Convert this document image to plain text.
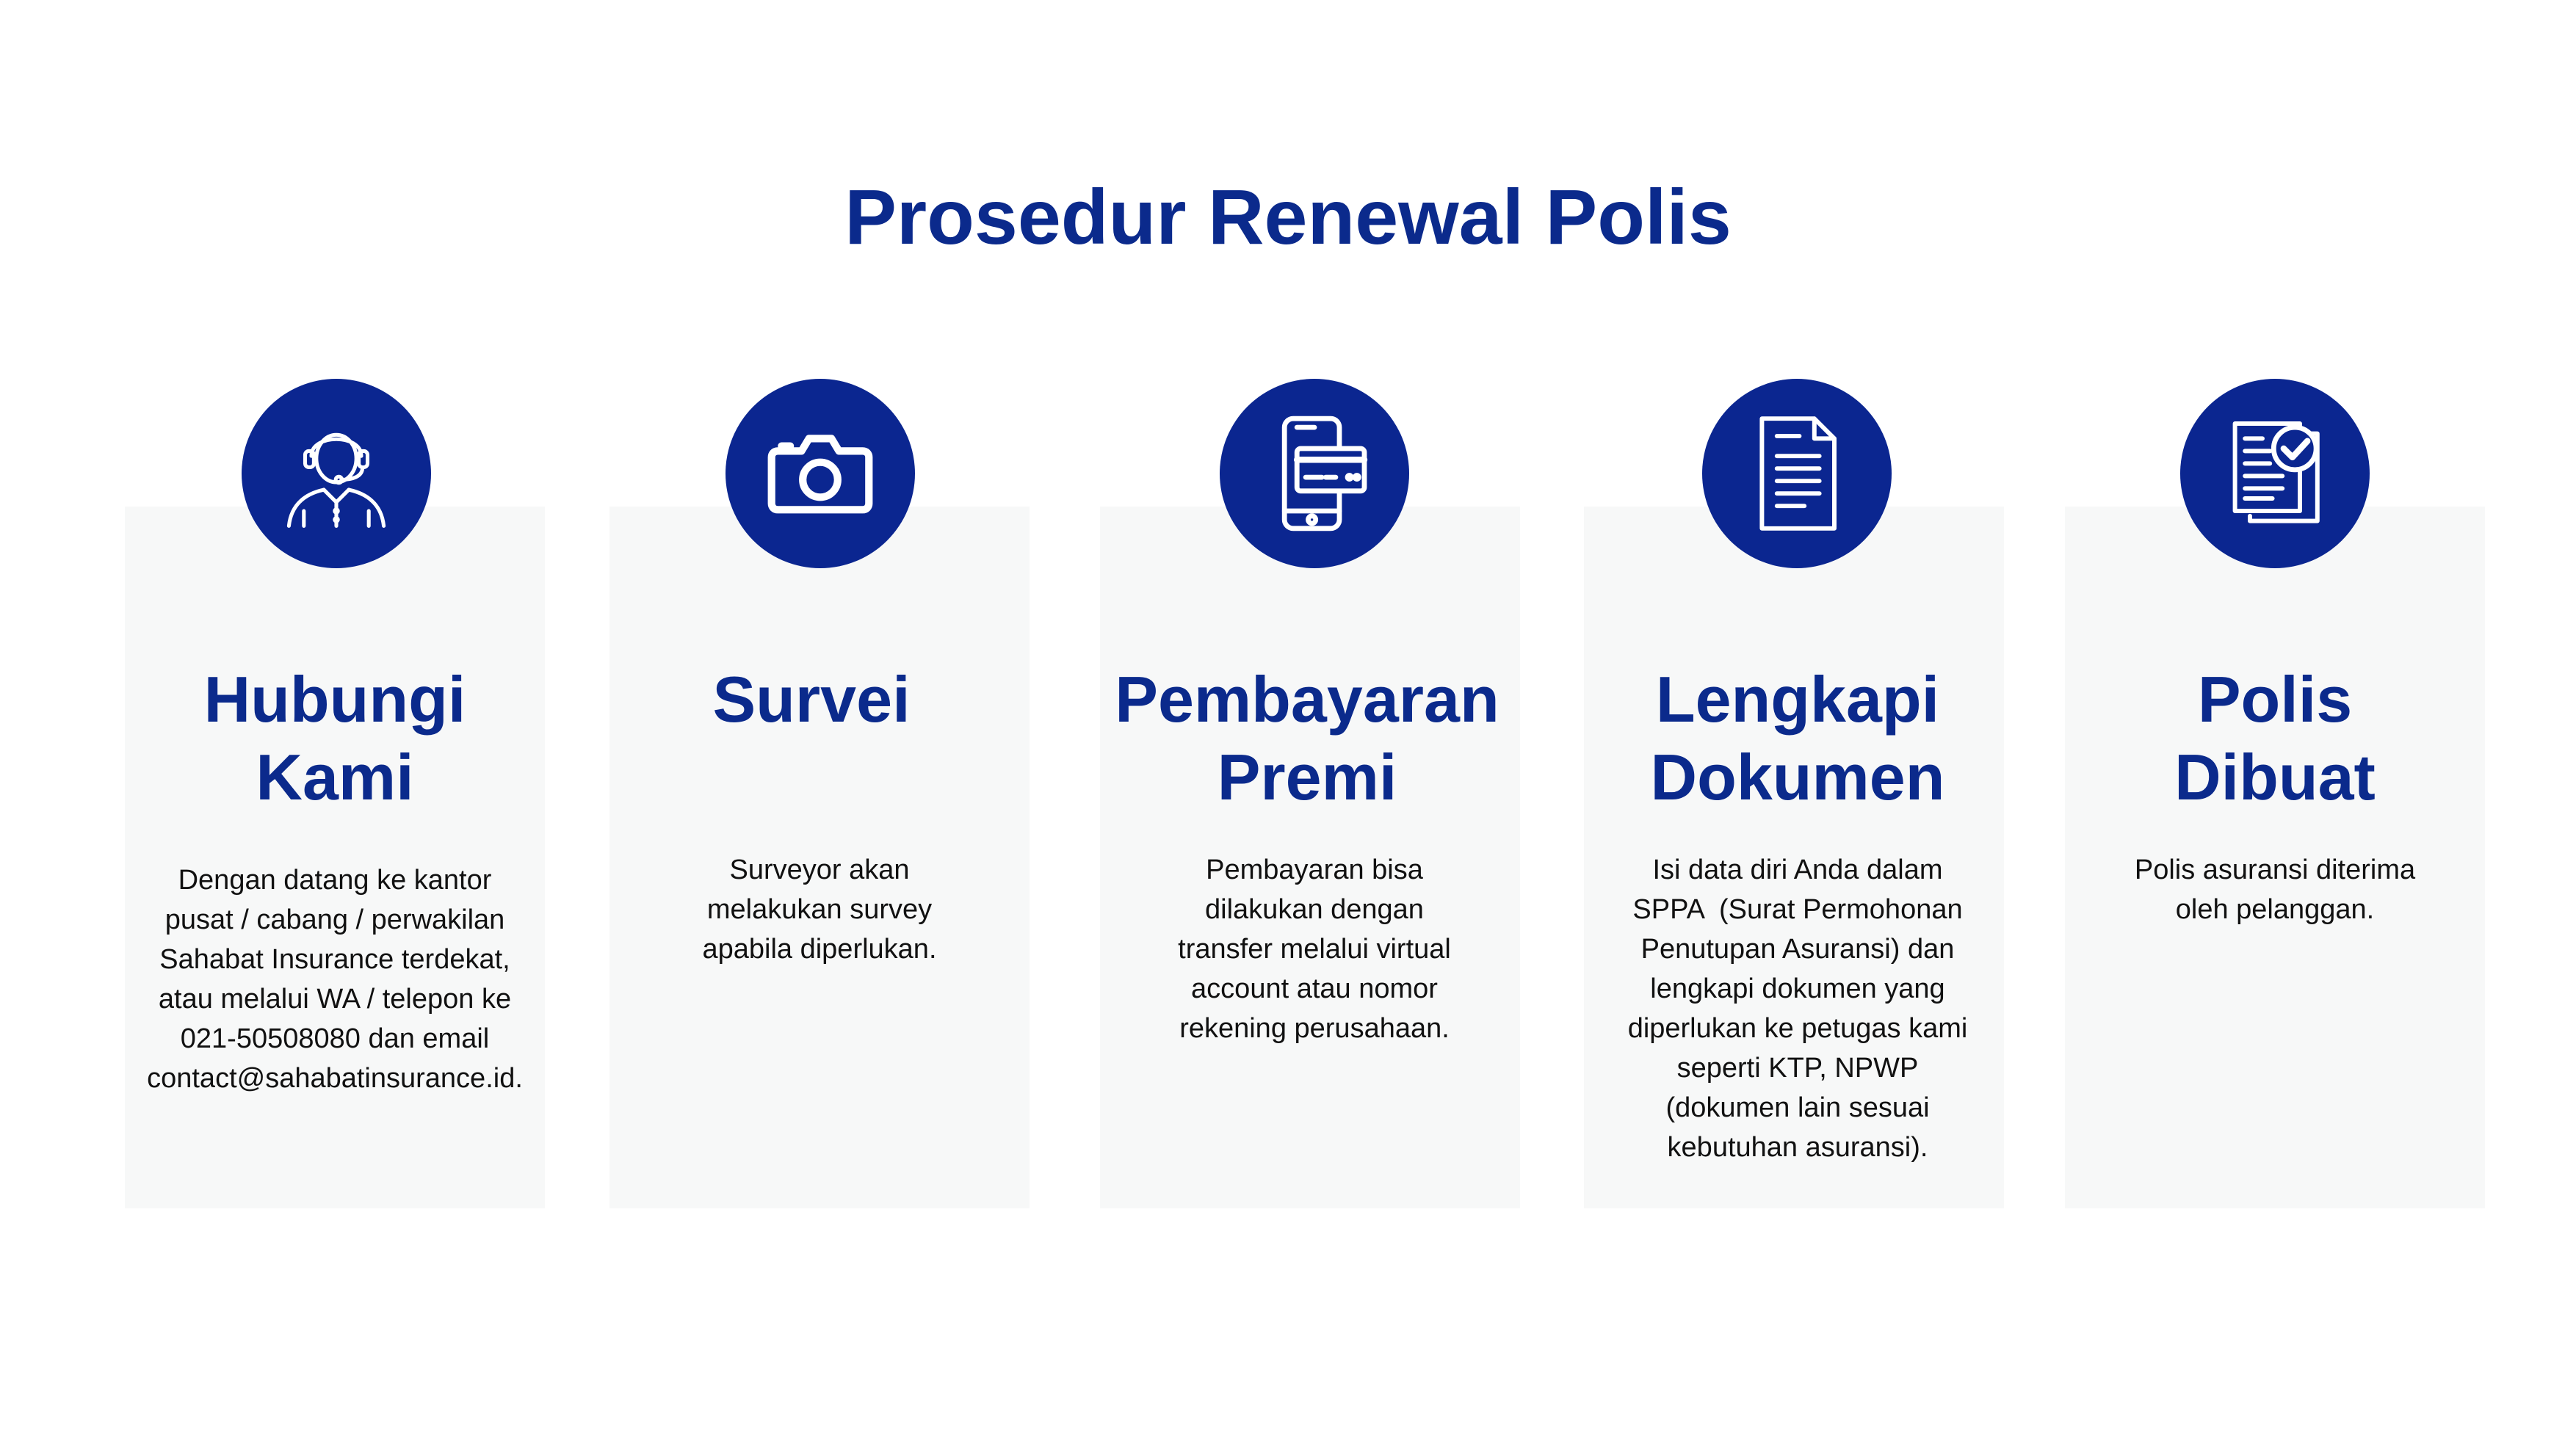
Prosedur Renewal Polis
Hubungi
Kami
Dengan datang ke kantor
pusat / cabang / perwakilan
Sahabat Insurance terdekat,
atau melalui WA / telepon ke
021-50508080 dan email
contact@sahabatinsurance.id.
Survei
Surveyor akan
melakukan survey
apabila diperlukan.
Pembayaran
Premi
Pembayaran bisa
dilakukan dengan
transfer melalui virtual
account atau nomor
rekening perusahaan.
Lengkapi
Dokumen
Isi data diri Anda dalam
SPPA  (Surat Permohonan
Penutupan Asuransi) dan
lengkapi dokumen yang
diperlukan ke petugas kami
seperti KTP, NPWP
(dokumen lain sesuai
kebutuhan asuransi).
Polis
Dibuat
Polis asuransi diterima
oleh pelanggan.
